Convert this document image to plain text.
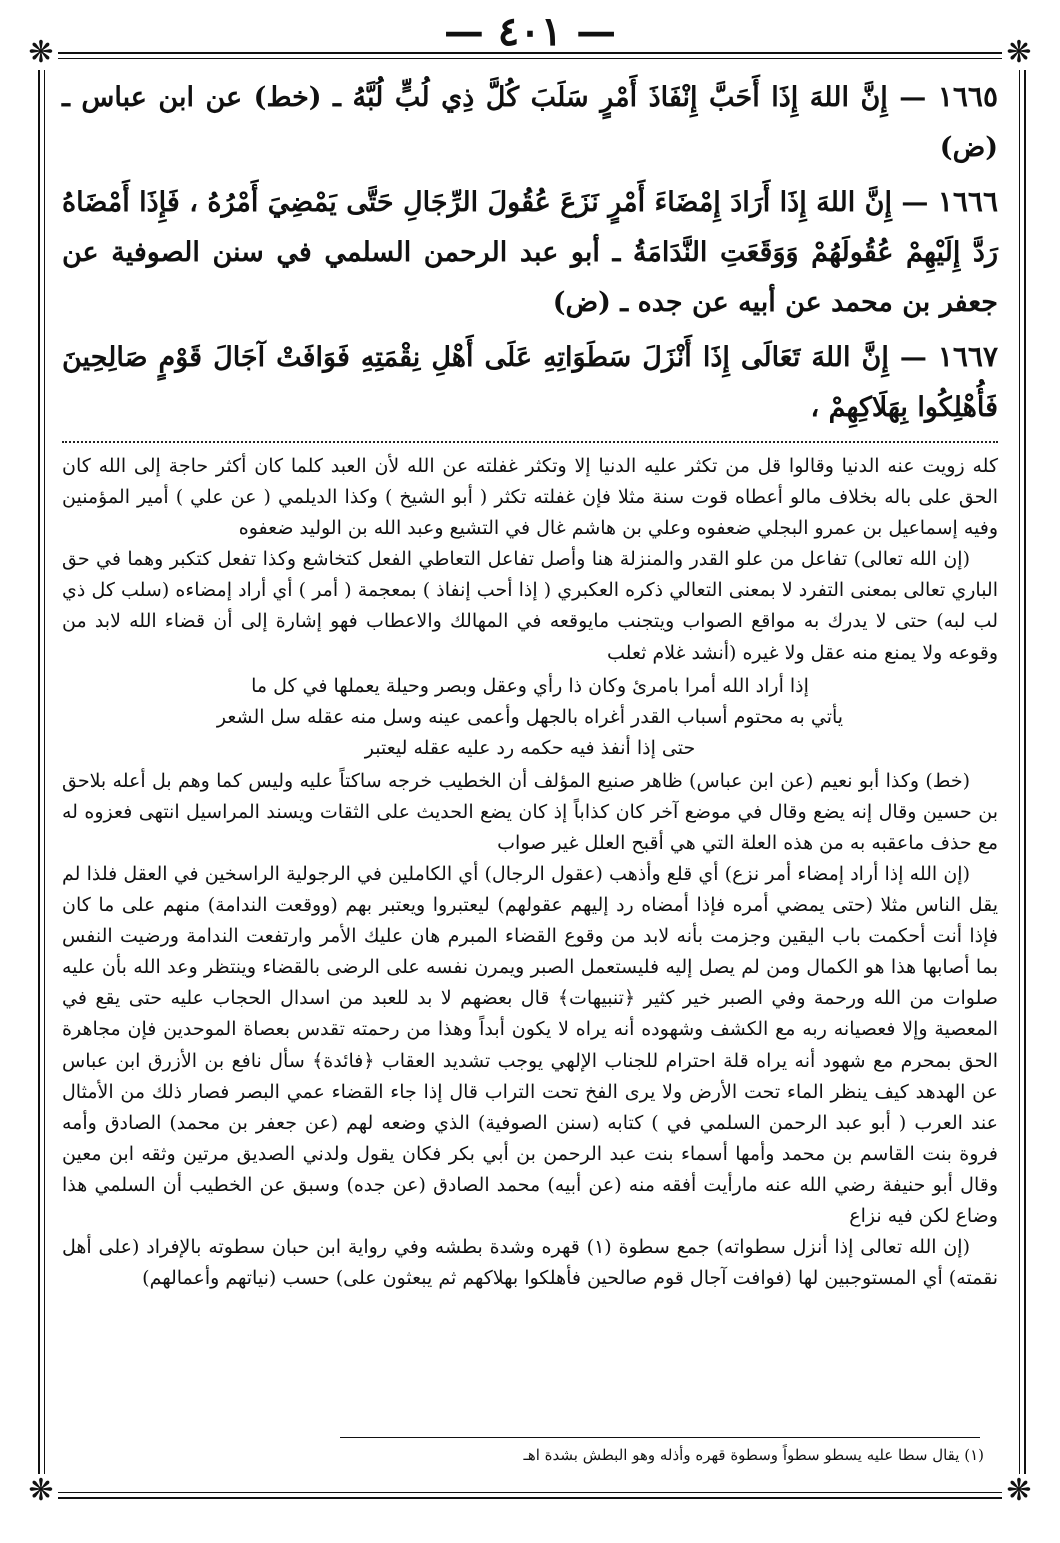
— ٤٠١ —
❋	❋
❋	❋
١٦٦٥ — إِنَّ اللهَ إِذَا أَحَبَّ إِنْفَاذَ أَمْرٍ سَلَبَ كُلَّ ذِي لُبٍّ لُبَّهُ ـ (خط) عن ابن عباس ـ (ض)
١٦٦٦ — إِنَّ اللهَ إِذَا أَرَادَ إِمْضَاءَ أَمْرٍ نَزَعَ عُقُولَ الرِّجَالِ حَتَّى يَمْضِيَ أَمْرُهُ ، فَإِذَا أَمْضَاهُ رَدَّ إِلَيْهِمْ عُقُولَهُمْ وَوَقَعَتِ النَّدَامَةُ ـ أبو عبد الرحمن السلمي في سنن الصوفية عن جعفر بن محمد عن أبيه عن جده ـ (ض)
١٦٦٧ — إِنَّ اللهَ تَعَالَى إِذَا أَنْزَلَ سَطَوَاتِهِ عَلَى أَهْلِ نِقْمَتِهِ فَوَافَتْ آجَالَ قَوْمٍ صَالِحِينَ فَأُهْلِكُوا بِهَلَاكِهِمْ ،

كله زويت عنه الدنيا وقالوا قل من تكثر عليه الدنيا إلا وتكثر غفلته عن الله لأن العبد كلما كان أكثر حاجة إلى الله كان الحق على باله بخلاف مالو أعطاه قوت سنة مثلا فإن غفلته تكثر ( أبو الشيخ ) وكذا الديلمي ( عن علي ) أمير المؤمنين وفيه إسماعيل بن عمرو البجلي ضعفوه وعلي بن هاشم غال في التشيع وعبد الله بن الوليد ضعفوه

(إن الله تعالى) تفاعل من علو القدر والمنزلة هنا وأصل تفاعل التعاطي الفعل كتخاشع وكذا تفعل كتكبر وهما في حق الباري تعالى بمعنى التفرد لا بمعنى التعالي ذكره العكبري ( إذا أحب إنفاذ ) بمعجمة ( أمر ) أي أراد إمضاءه (سلب كل ذي لب لبه) حتى لا يدرك به مواقع الصواب ويتجنب مايوقعه في المهالك والاعطاب فهو إشارة إلى أن قضاء الله لابد من وقوعه ولا يمنع منه عقل ولا غيره (أنشد غلام ثعلب

إذا أراد الله أمرا بامرئ وكان ذا رأي وعقل وبصر وحيلة يعملها في كل ما
يأتي به محتوم أسباب القدر أغراه بالجهل وأعمى عينه وسل منه عقله سل الشعر
حتى إذا أنفذ فيه حكمه رد عليه عقله ليعتبر

(خط) وكذا أبو نعيم (عن ابن عباس) ظاهر صنيع المؤلف أن الخطيب خرجه ساكتاً عليه وليس كما وهم بل أعله بلاحق بن حسين وقال إنه يضع وقال في موضع آخر كان كذاباً إذ كان يضع الحديث على الثقات ويسند المراسيل انتهى فعزوه له مع حذف ماعقبه به من هذه العلة التي هي أقبح العلل غير صواب

(إن الله إذا أراد إمضاء أمر نزع) أي قلع وأذهب (عقول الرجال) أي الكاملين في الرجولية الراسخين في العقل فلذا لم يقل الناس مثلا (حتى يمضي أمره فإذا أمضاه رد إليهم عقولهم) ليعتبروا ويعتبر بهم (ووقعت الندامة) منهم على ما كان فإذا أنت أحكمت باب اليقين وجزمت بأنه لابد من وقوع القضاء المبرم هان عليك الأمر وارتفعت الندامة ورضيت النفس بما أصابها هذا هو الكمال ومن لم يصل إليه فليستعمل الصبر ويمرن نفسه على الرضى بالقضاء وينتظر وعد الله بأن عليه صلوات من الله ورحمة وفي الصبر خير كثير ﴿تنبيهات﴾ قال بعضهم لا بد للعبد من اسدال الحجاب عليه حتى يقع في المعصية وإلا فعصيانه ربه مع الكشف وشهوده أنه يراه لا يكون أبداً وهذا من رحمته تقدس بعصاة الموحدين فإن مجاهرة الحق بمحرم مع شهود أنه يراه قلة احترام للجناب الإلهي يوجب تشديد العقاب ﴿فائدة﴾ سأل نافع بن الأزرق ابن عباس عن الهدهد كيف ينظر الماء تحت الأرض ولا يرى الفخ تحت التراب قال إذا جاء القضاء عمي البصر فصار ذلك من الأمثال عند العرب ( أبو عبد الرحمن السلمي في ) كتابه (سنن الصوفية) الذي وضعه لهم (عن جعفر بن محمد) الصادق وأمه فروة بنت القاسم بن محمد وأمها أسماء بنت عبد الرحمن بن أبي بكر فكان يقول ولدني الصديق مرتين وثقه ابن معين وقال أبو حنيفة رضي الله عنه مارأيت أفقه منه (عن أبيه) محمد الصادق (عن جده) وسبق عن الخطيب أن السلمي هذا وضاع لكن فيه نزاع

(إن الله تعالى إذا أنزل سطواته) جمع سطوة (١) قهره وشدة بطشه وفي رواية ابن حبان سطوته بالإفراد (على أهل نقمته) أي المستوجبين لها (فوافت آجال قوم صالحين فأهلكوا بهلاكهم ثم يبعثون على) حسب (نياتهم وأعمالهم)

(١) يقال سطا عليه يسطو سطواً وسطوة قهره وأذله وهو البطش بشدة اهـ
